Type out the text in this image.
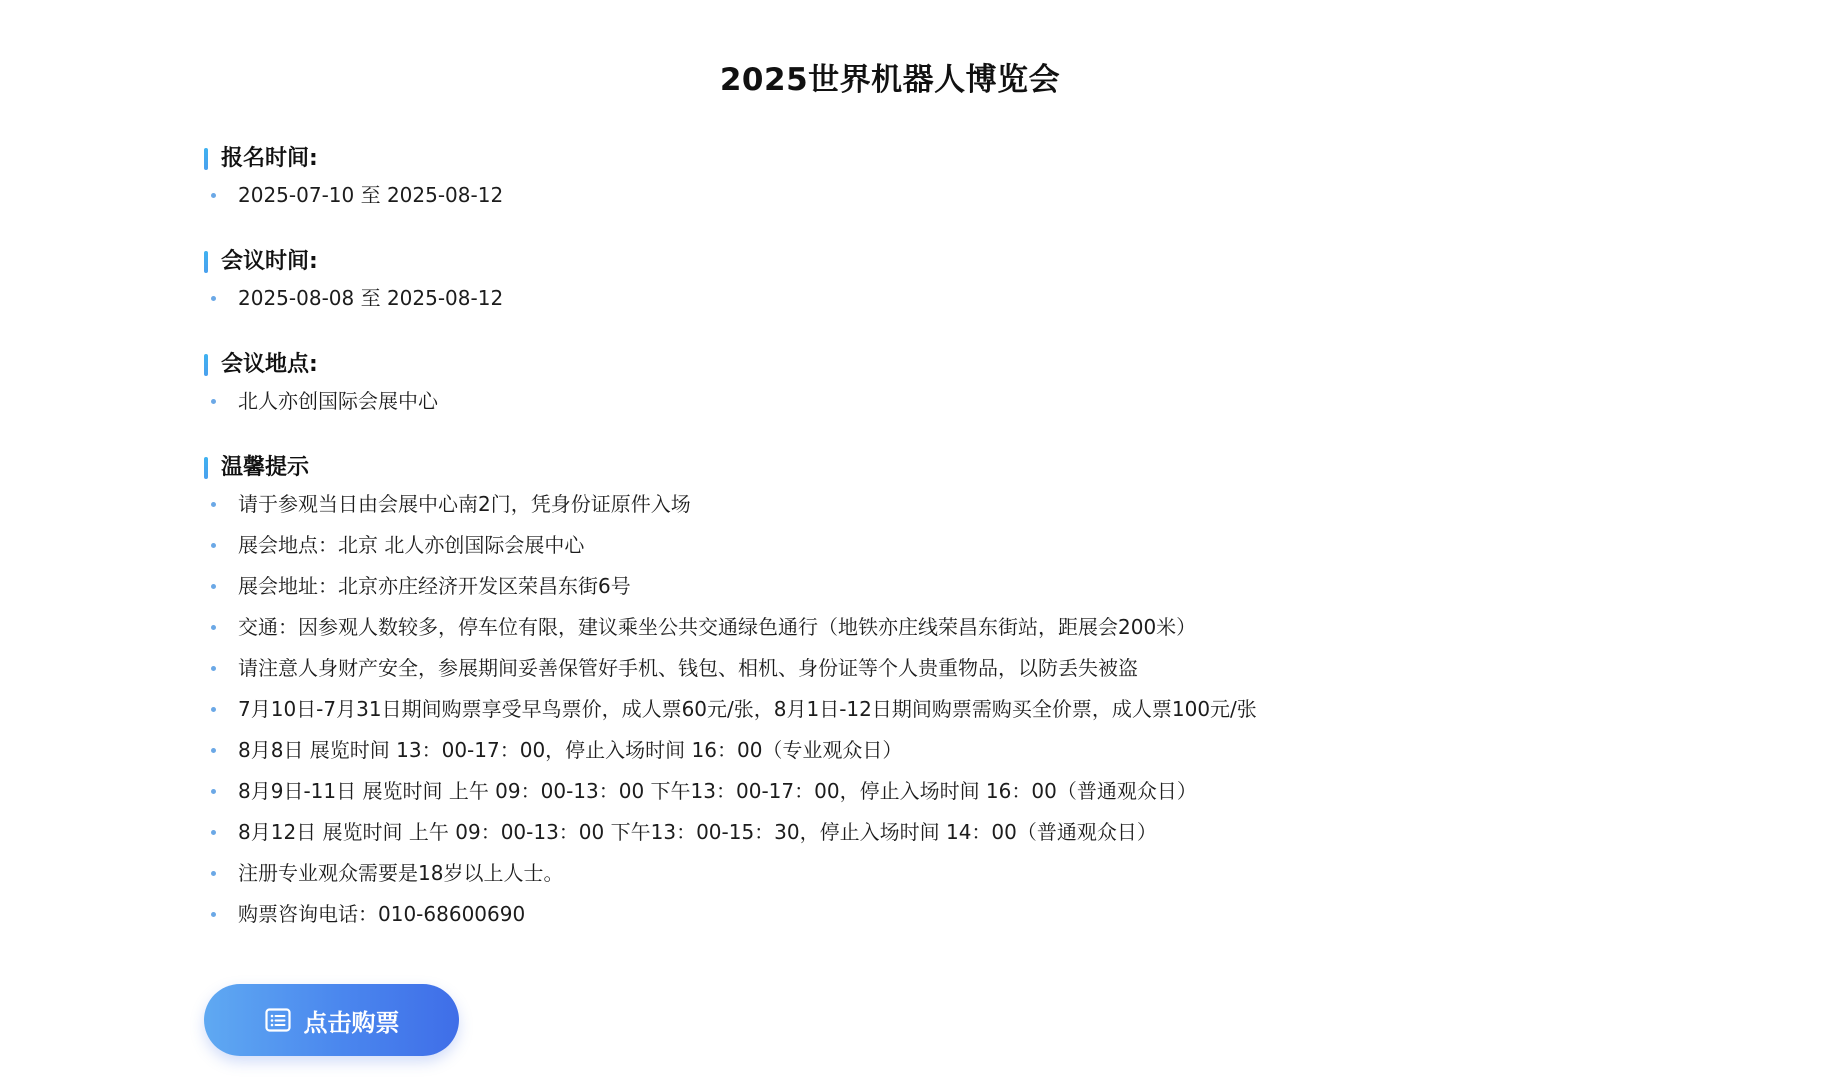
2025世界机器人博览会
报名时间:
2025-07-10 至 2025-08-12
会议时间:
2025-08-08 至 2025-08-12
会议地点:
北人亦创国际会展中心
温馨提示
请于参观当日由会展中心南2门，凭身份证原件入场
展会地点：北京 北人亦创国际会展中心
展会地址：北京亦庄经济开发区荣昌东街6号
交通：因参观人数较多，停车位有限，建议乘坐公共交通绿色通行（地铁亦庄线荣昌东街站，距展会200米）
请注意人身财产安全，参展期间妥善保管好手机、钱包、相机、身份证等个人贵重物品，以防丢失被盗
7月10日-7月31日期间购票享受早鸟票价，成人票60元/张，8月1日-12日期间购票需购买全价票，成人票100元/张
8月8日 展览时间 13：00-17：00，停止入场时间 16：00（专业观众日）
8月9日-11日 展览时间 上午 09：00-13：00 下午13：00-17：00，停止入场时间 16：00（普通观众日）
8月12日 展览时间 上午 09：00-13：00 下午13：00-15：30，停止入场时间 14：00（普通观众日）
注册专业观众需要是18岁以上人士。
购票咨询电话：010-68600690
点击购票
